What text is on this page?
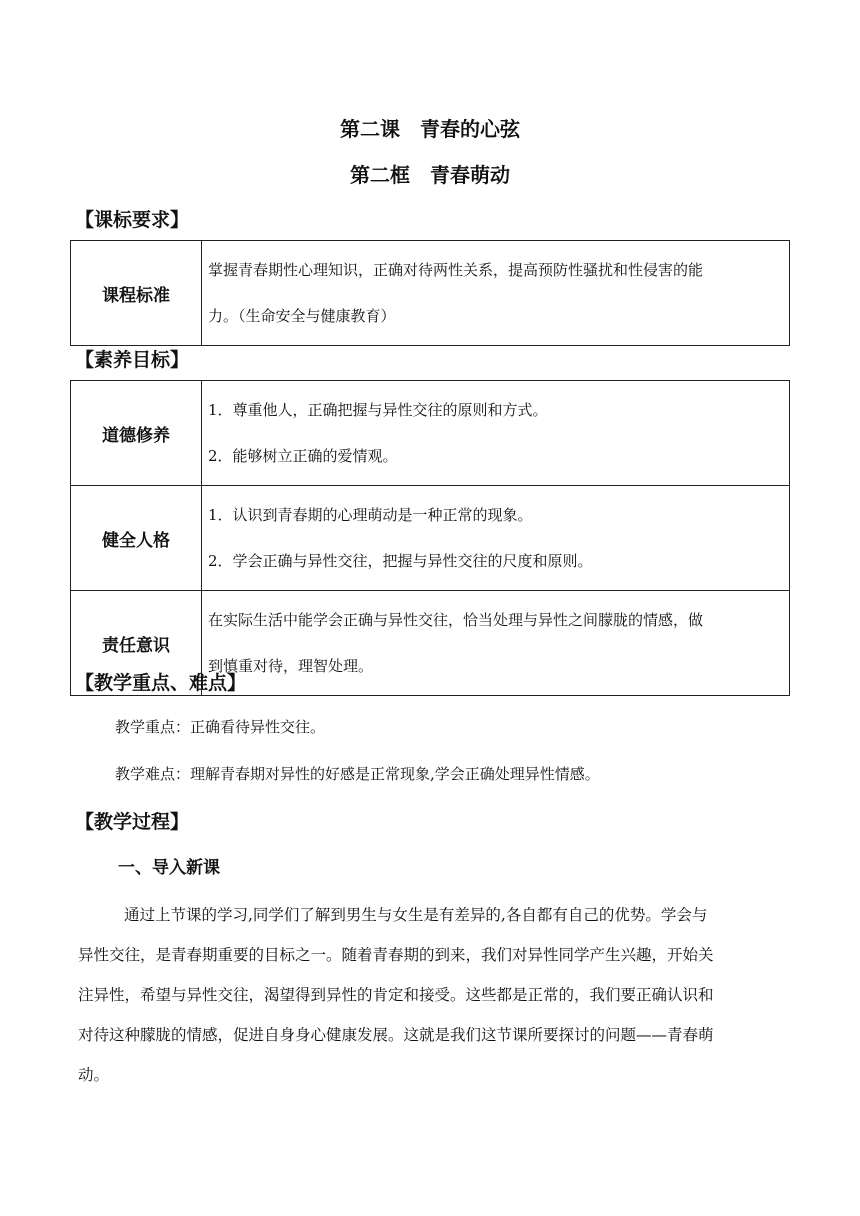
第二课　青春的心弦
第二框　青春萌动
【课标要求】
课程标准	
掌握青春期性心理知识，正确对待两性关系，提高预防性骚扰和性侵害的能
力。（生命安全与健康教育）
【素养目标】
道德修养	1．尊重他人，正确把握与异性交往的原则和方式。
2．能够树立正确的爱情观。

健全人格	1．认识到青春期的心理萌动是一种正常的现象。
2．学会正确与异性交往，把握与异性交往的尺度和原则。

责任意识	在实际生活中能学会正确与异性交往，恰当处理与异性之间朦胧的情感，做
到慎重对待，理智处理。
【教学重点、难点】
教学重点：正确看待异性交往。
教学难点：理解青春期对异性的好感是正常现象,学会正确处理异性情感。
【教学过程】
一、导入新课
通过上节课的学习,同学们了解到男生与女生是有差异的,各自都有自己的优势。学会与
异性交往，是青春期重要的目标之一。随着青春期的到来，我们对异性同学产生兴趣，开始关
注异性，希望与异性交往，渴望得到异性的肯定和接受。这些都是正常的，我们要正确认识和
对待这种朦胧的情感，促进自身身心健康发展。这就是我们这节课所要探讨的问题——青春萌
动。
